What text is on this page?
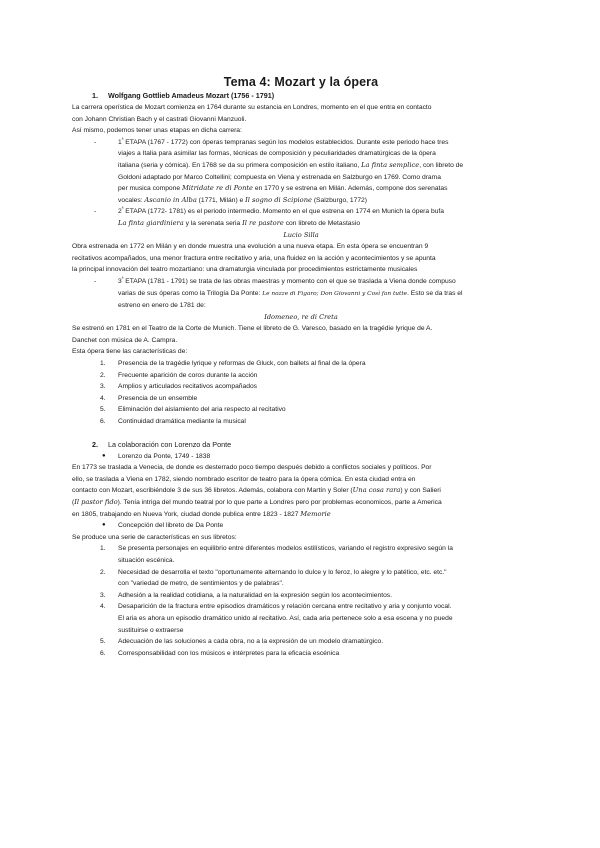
Tema 4: Mozart y la ópera
1. Wolfgang Gottlieb Amadeus Mozart (1756 - 1791)

La carrera operística de Mozart comienza en 1764 durante su estancia en Londres, momento en el que entra en contacto

con Johann Christian Bach y el castrati Giovanni Manzuoli.

Así mismo, podemos tener unas etapas en dicha carrera:

-	$1^ª$ ETAPA (1767 - 1772) con óperas tempranas según los modelos establecidos. Durante este periodo hace tres

viajes a Italia para asimilar las formas, técnicas de composición y peculiaridades dramatúrgicas de la ópera

italiana (seria y cómica). En 1768 se da su primera composición en estilo italiano, La finta semplice, con libreto de

Goldoni adaptado por Marco Coltellini; compuesta en Viena y estrenada en Salzburgo en 1769. Como drama

per musica compone Mitridate re di Ponte en 1770 y se estrena en Milán. Además, compone dos serenatas

vocales: Ascanio in Alba (1771, Milán) e Il sogno di Scipione (Salzburgo, 1772)

-	$2^ª$ ETAPA (1772- 1781) es el periodo intermedio. Momento en el que estrena en 1774 en Munich la ópera bufa

La finta giardiniera y la serenata seria Il re pastore con libreto de Metastasio

Lucio Silla

Obra estrenada en 1772 en Milán y en donde muestra una evolución a una nueva etapa. En esta ópera se encuentran 9

recitativos acompañados, una menor fractura entre recitativo y aria, una fluidez en la acción y acontecimientos y se apunta

la principal innovación del teatro mozartiano: una dramaturgia vinculada por procedimientos estrictamente musicales

-	$3^ª$ ETAPA (1781 - 1791) se trata de las obras maestras y momento con el que se traslada a Viena donde compuso

varias de sus óperas como la Trilogía Da Ponte: Le nozze di Figaro; Don Giovanni y Così fan tutte. Esto se da tras el

estreno en enero de 1781 de:

Idomeneo, re di Creta

Se estrenó en 1781 en el Teatro de la Corte de Munich. Tiene el libreto de G. Varesco, basado en la tragédie lyrique de A.

Danchet con música de A. Campra.

Esta ópera tiene las características de:

1. Presencia de la tragédie lyrique y reformas de Gluck, con ballets al final de la ópera
2. Frecuente aparición de coros durante la acción
3. Amplios y articulados recitativos acompañados
4. Presencia de un ensemble
5. Eliminación del aislamiento del aria respecto al recitativo
6. Continuidad dramática mediante la musical
2. La colaboración con Lorenzo da Ponte
● Lorenzo da Ponte, 1749 - 1838

En 1773 se traslada a Venecia, de donde es desterrado poco tiempo después debido a conflictos sociales y políticos. Por

ello, se traslada a Viena en 1782, siendo nombrado escritor de teatro para la ópera cómica. En esta ciudad entra en

contacto con Mozart, escribiéndole 3 de sus 36 libretos. Además, colabora con Martín y Soler (Una cosa rara) y con Salieri

(Il pastor fido). Tenía intriga del mundo teatral por lo que parte a Londres pero por problemas economicos, parte a America

en 1805, trabajando en Nueva York, ciudad donde publica entre 1823 - 1827 Memorie

● Concepción del libreto de Da Ponte

Se produce una serie de características en sus libretos:

1. Se presenta personajes en equilibrio entre diferentes modelos estilísticos, variando el registro expresivo según la

situación escénica.

2. Necesidad de desarrolla el texto "oportunamente alternando lo dulce y lo feroz, lo alegre y lo patético, etc. etc."

con "variedad de metro, de sentimientos y de palabras".

3. Adhesión a la realidad cotidiana, a la naturalidad en la expresión según los acontecimientos.

4. Desaparición de la fractura entre episodios dramáticos y relación cercana entre recitativo y aria y conjunto vocal.

El aria es ahora un episodio dramático unido al recitativo. Así, cada aria pertenece solo a esa escena y no puede

sustituirse o extraerse

5. Adecuación de las soluciones a cada obra, no a la expresión de un modelo dramatúrgico.

6. Corresponsabilidad con los músicos e intérpretes para la eficacia escénica
